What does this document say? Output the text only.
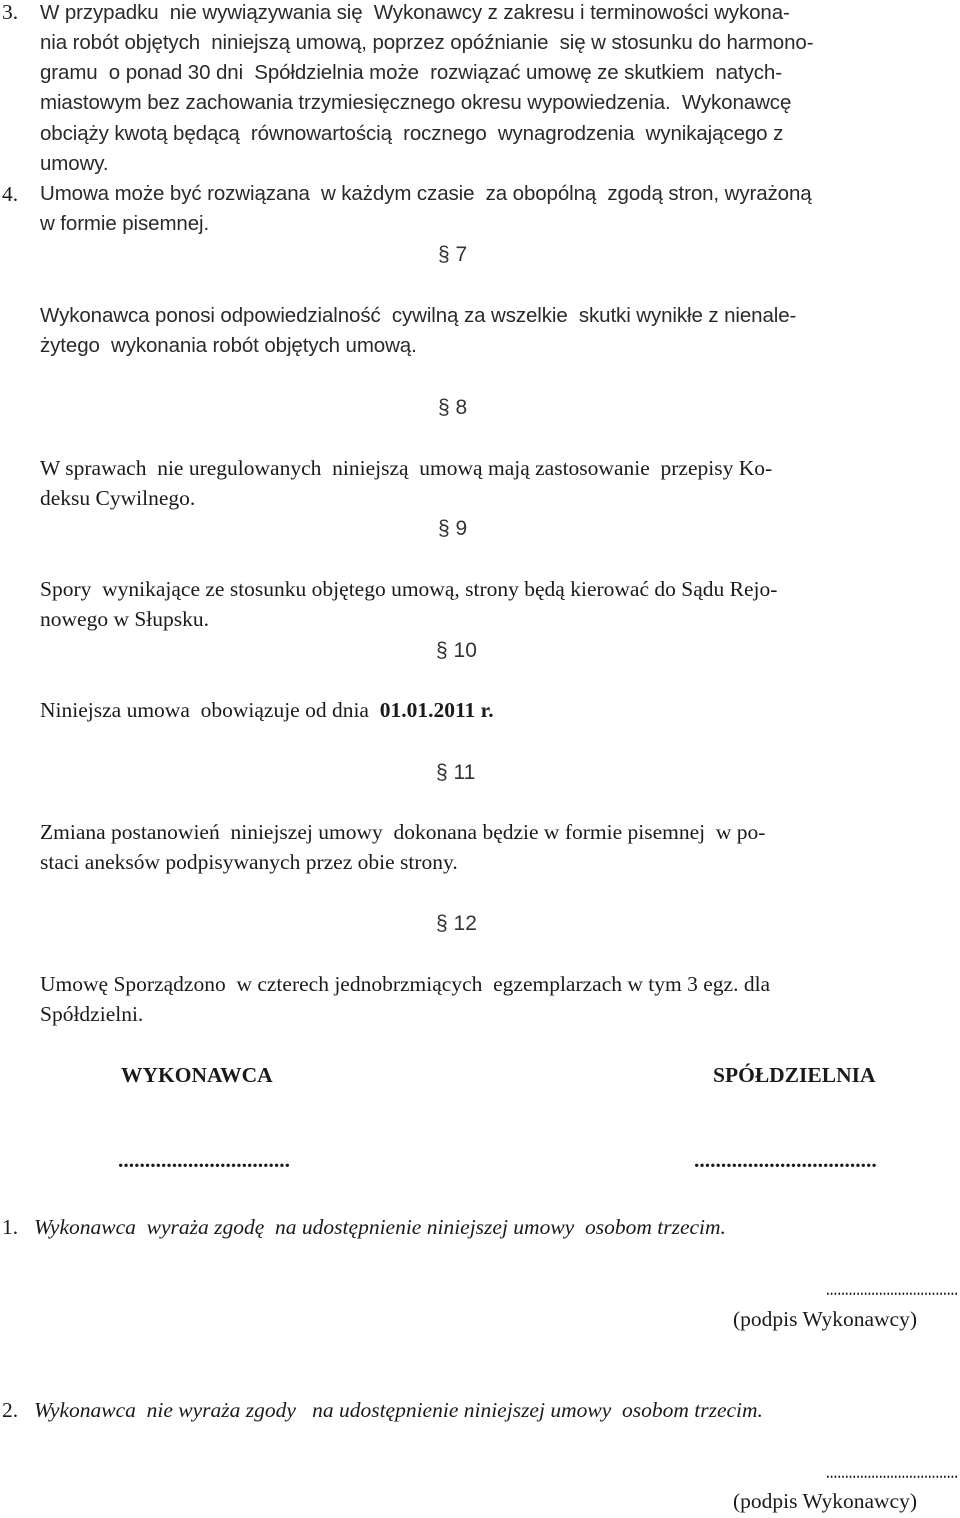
3. W przypadku  nie wywiązywania się  Wykonawcy z zakresu i terminowości wykona-
nia robót objętych  niniejszą umową, poprzez opóźnianie  się w stosunku do harmono-
gramu  o ponad 30 dni  Spółdzielnia może  rozwiązać umowę ze skutkiem  natych-
miastowym bez zachowania trzymiesięcznego okresu wypowiedzenia.  Wykonawcę
obciąży kwotą będącą  równowartością  rocznego  wynagrodzenia  wynikającego z
umowy.
4. Umowa może być rozwiązana  w każdym czasie  za obopólną  zgodą stron, wyrażoną
w formie pisemnej.
§ 7
Wykonawca ponosi odpowiedzialność  cywilną za wszelkie  skutki wynikłe z nienale-
żytego  wykonania robót objętych umową.
§ 8
W sprawach  nie uregulowanych  niniejszą  umową mają zastosowanie  przepisy Ko-
deksu Cywilnego.
§ 9
Spory  wynikające ze stosunku objętego umową, strony będą kierować do Sądu Rejo-
nowego w Słupsku.
§ 10
Niniejsza umowa  obowiązuje od dnia  01.01.2011 r.
§ 11
Zmiana postanowień  niniejszej umowy  dokonana będzie w formie pisemnej  w po-
staci aneksów podpisywanych przez obie strony.
§ 12
Umowę Sporządzono  w czterech jednobrzmiących  egzemplarzach w tym 3 egz. dla
Spółdzielni.
WYKONAWCA	SPÓŁDZIELNIA
................................	..................................
1. Wykonawca  wyraża zgodę  na udostępnienie niniejszej umowy  osobom trzecim.
...................................
(podpis Wykonawcy)
2. Wykonawca  nie wyraża zgody   na udostępnienie niniejszej umowy  osobom trzecim.
...................................
(podpis Wykonawcy)
